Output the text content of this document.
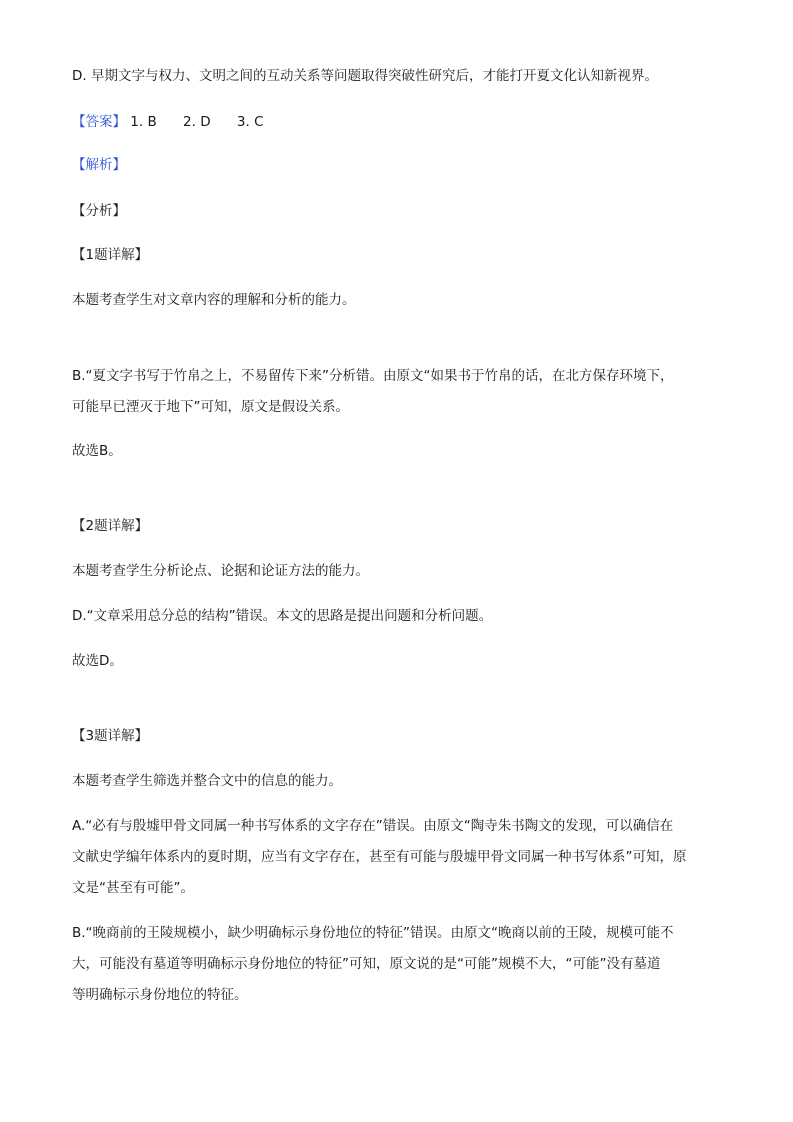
D. 早期文字与权力、文明之间的互动关系等问题取得突破性研究后，才能打开夏文化认知新视界。
【答案】 1. B 2. D 3. C
【解析】
【分析】
【1题详解】
本题考查学生对文章内容的理解和分析的能力。
B.“夏文字书写于竹帛之上，不易留传下来”分析错。由原文“如果书于竹帛的话，在北方保存环境下，
可能早已湮灭于地下”可知，原文是假设关系。
故选B。
【2题详解】
本题考查学生分析论点、论据和论证方法的能力。
D.“文章采用总分总的结构”错误。本文的思路是提出问题和分析问题。
故选D。
【3题详解】
本题考查学生筛选并整合文中的信息的能力。
A.“必有与殷墟甲骨文同属一种书写体系的文字存在”错误。由原文“陶寺朱书陶文的发现，可以确信在
文献史学编年体系内的夏时期，应当有文字存在，甚至有可能与殷墟甲骨文同属一种书写体系”可知，原
文是“甚至有可能”。
B.“晚商前的王陵规模小，缺少明确标示身份地位的特征”错误。由原文“晚商以前的王陵，规模可能不
大，可能没有墓道等明确标示身份地位的特征”可知，原文说的是“可能”规模不大，“可能”没有墓道
等明确标示身份地位的特征。
